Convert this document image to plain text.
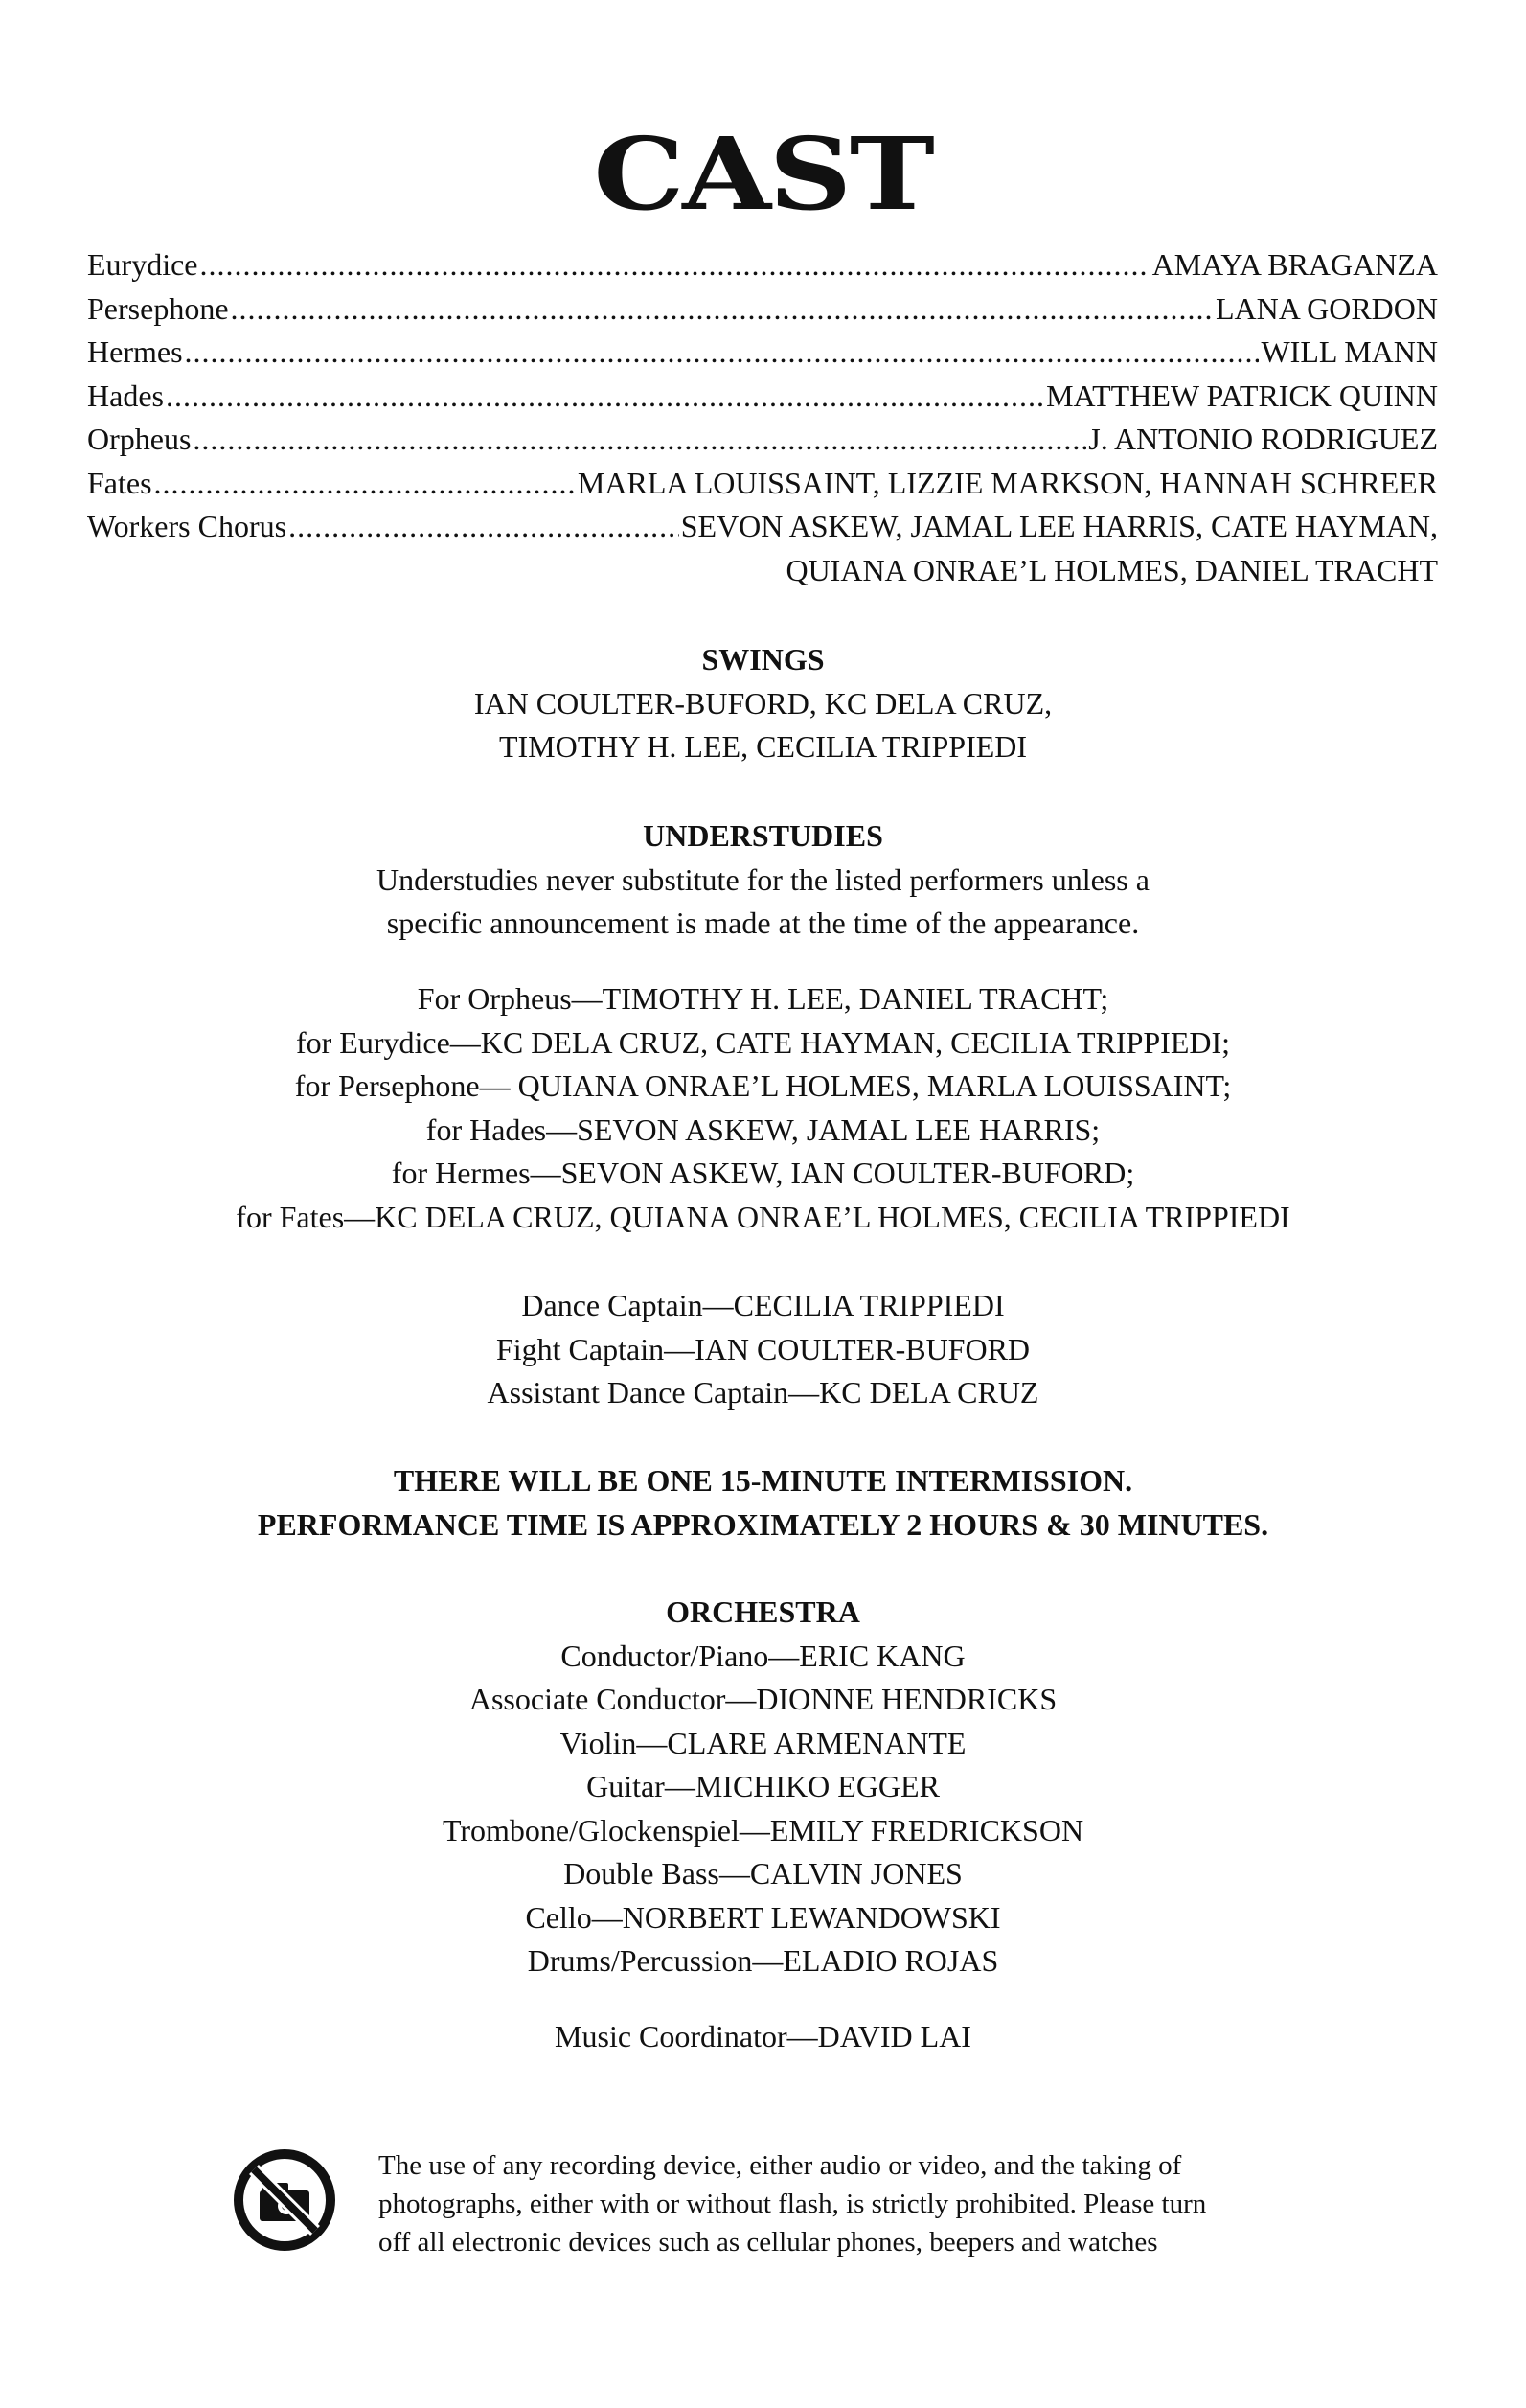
CAST
Eurydice .....	AMAYA BRAGANZA
Persephone .....	LANA GORDON
Hermes .....	WILL MANN
Hades .....	MATTHEW PATRICK QUINN
Orpheus .....	J. ANTONIO RODRIGUEZ
Fates .....	MARLA LOUISSAINT, LIZZIE MARKSON, HANNAH SCHREER
Workers Chorus .....	SEVON ASKEW, JAMAL LEE HARRIS, CATE HAYMAN,
QUIANA ONRAE’L HOLMES, DANIEL TRACHT
SWINGS
IAN COULTER-BUFORD, KC DELA CRUZ,
TIMOTHY H. LEE, CECILIA TRIPPIEDI
UNDERSTUDIES
Understudies never substitute for the listed performers unless a
specific announcement is made at the time of the appearance.
For Orpheus—TIMOTHY H. LEE, DANIEL TRACHT;
for Eurydice—KC DELA CRUZ, CATE HAYMAN, CECILIA TRIPPIEDI;
for Persephone— QUIANA ONRAE’L HOLMES, MARLA LOUISSAINT;
for Hades—SEVON ASKEW, JAMAL LEE HARRIS;
for Hermes—SEVON ASKEW, IAN COULTER-BUFORD;
for Fates—KC DELA CRUZ, QUIANA ONRAE’L HOLMES, CECILIA TRIPPIEDI
Dance Captain—CECILIA TRIPPIEDI
Fight Captain—IAN COULTER-BUFORD
Assistant Dance Captain—KC DELA CRUZ
THERE WILL BE ONE 15-MINUTE INTERMISSION.
PERFORMANCE TIME IS APPROXIMATELY 2 HOURS & 30 MINUTES.
ORCHESTRA
Conductor/Piano—ERIC KANG
Associate Conductor—DIONNE HENDRICKS
Violin—CLARE ARMENANTE
Guitar—MICHIKO EGGER
Trombone/Glockenspiel—EMILY FREDRICKSON
Double Bass—CALVIN JONES
Cello—NORBERT LEWANDOWSKI
Drums/Percussion—ELADIO ROJAS
Music Coordinator—DAVID LAI
The use of any recording device, either audio or video, and the taking of
photographs, either with or without flash, is strictly prohibited. Please turn
off all electronic devices such as cellular phones, beepers and watches
